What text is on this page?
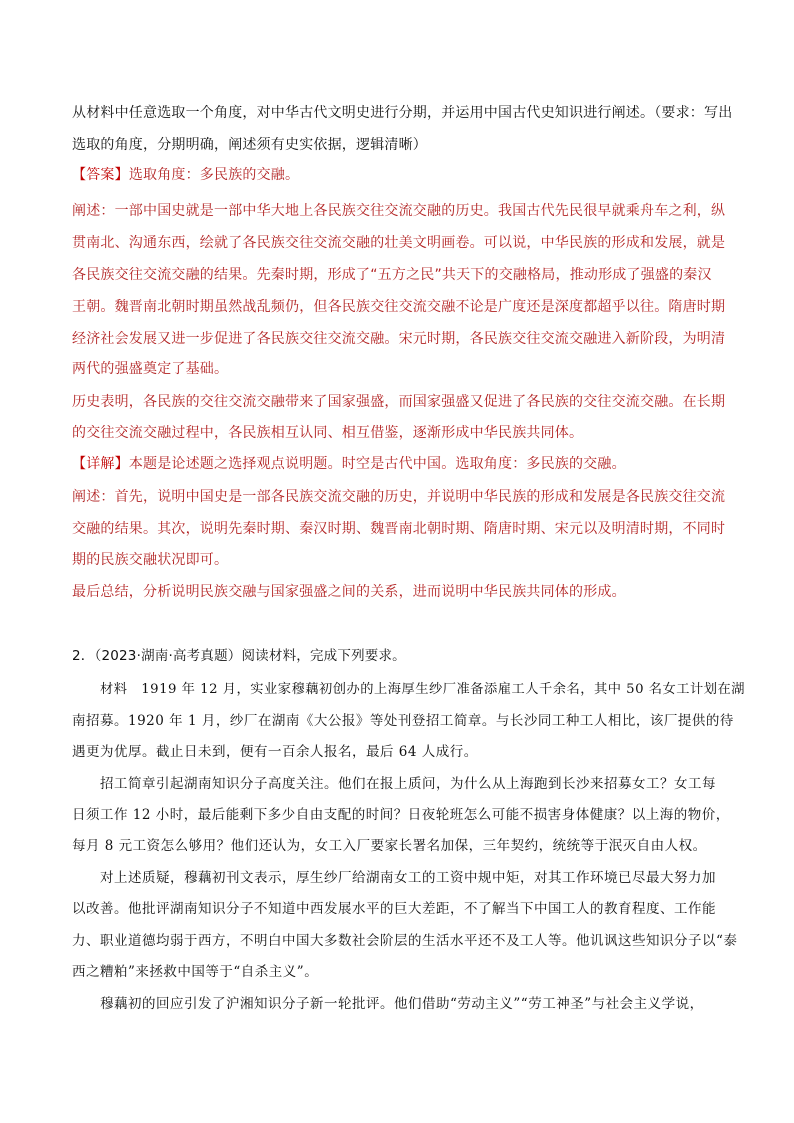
从材料中任意选取一个角度，对中华古代文明史进行分期，并运用中国古代史知识进行阐述。（要求：写出
选取的角度，分期明确，阐述须有史实依据，逻辑清晰）
【答案】选取角度：多民族的交融。
阐述：一部中国史就是一部中华大地上各民族交往交流交融的历史。我国古代先民很早就乘舟车之利，纵
贯南北、沟通东西，绘就了各民族交往交流交融的壮美文明画卷。可以说，中华民族的形成和发展，就是
各民族交往交流交融的结果。先秦时期，形成了“五方之民”共天下的交融格局，推动形成了强盛的秦汉
王朝。魏晋南北朝时期虽然战乱频仍，但各民族交往交流交融不论是广度还是深度都超乎以往。隋唐时期
经济社会发展又进一步促进了各民族交往交流交融。宋元时期，各民族交往交流交融进入新阶段，为明清
两代的强盛奠定了基础。
历史表明，各民族的交往交流交融带来了国家强盛，而国家强盛又促进了各民族的交往交流交融。在长期
的交往交流交融过程中，各民族相互认同、相互借鉴，逐渐形成中华民族共同体。
【详解】本题是论述题之选择观点说明题。时空是古代中国。选取角度：多民族的交融。
阐述：首先，说明中国史是一部各民族交流交融的历史，并说明中华民族的形成和发展是各民族交往交流
交融的结果。其次，说明先秦时期、秦汉时期、魏晋南北朝时期、隋唐时期、宋元以及明清时期，不同时
期的民族交融状况即可。
最后总结，分析说明民族交融与国家强盛之间的关系，进而说明中华民族共同体的形成。
2．（2023·湖南·高考真题）阅读材料，完成下列要求。
材料　1919 年 12 月，实业家穆藕初创办的上海厚生纱厂准备添雇工人千余名，其中 50 名女工计划在湖
南招募。1920 年 1 月，纱厂在湖南《大公报》等处刊登招工简章。与长沙同工种工人相比，该厂提供的待
遇更为优厚。截止日未到，便有一百余人报名，最后 64 人成行。
招工简章引起湖南知识分子高度关注。他们在报上质问，为什么从上海跑到长沙来招募女工？女工每
日须工作 12 小时，最后能剩下多少自由支配的时间？日夜轮班怎么可能不损害身体健康？以上海的物价，
每月 8 元工资怎么够用？他们还认为，女工入厂要家长署名加保，三年契约，统统等于泯灭自由人权。
对上述质疑，穆藕初刊文表示，厚生纱厂给湖南女工的工资中规中矩，对其工作环境已尽最大努力加
以改善。他批评湖南知识分子不知道中西发展水平的巨大差距，不了解当下中国工人的教育程度、工作能
力、职业道德均弱于西方，不明白中国大多数社会阶层的生活水平还不及工人等。他讥讽这些知识分子以“泰
西之糟粕”来拯救中国等于“自杀主义”。
穆藕初的回应引发了沪湘知识分子新一轮批评。他们借助“劳动主义”“劳工神圣”与社会主义学说，
